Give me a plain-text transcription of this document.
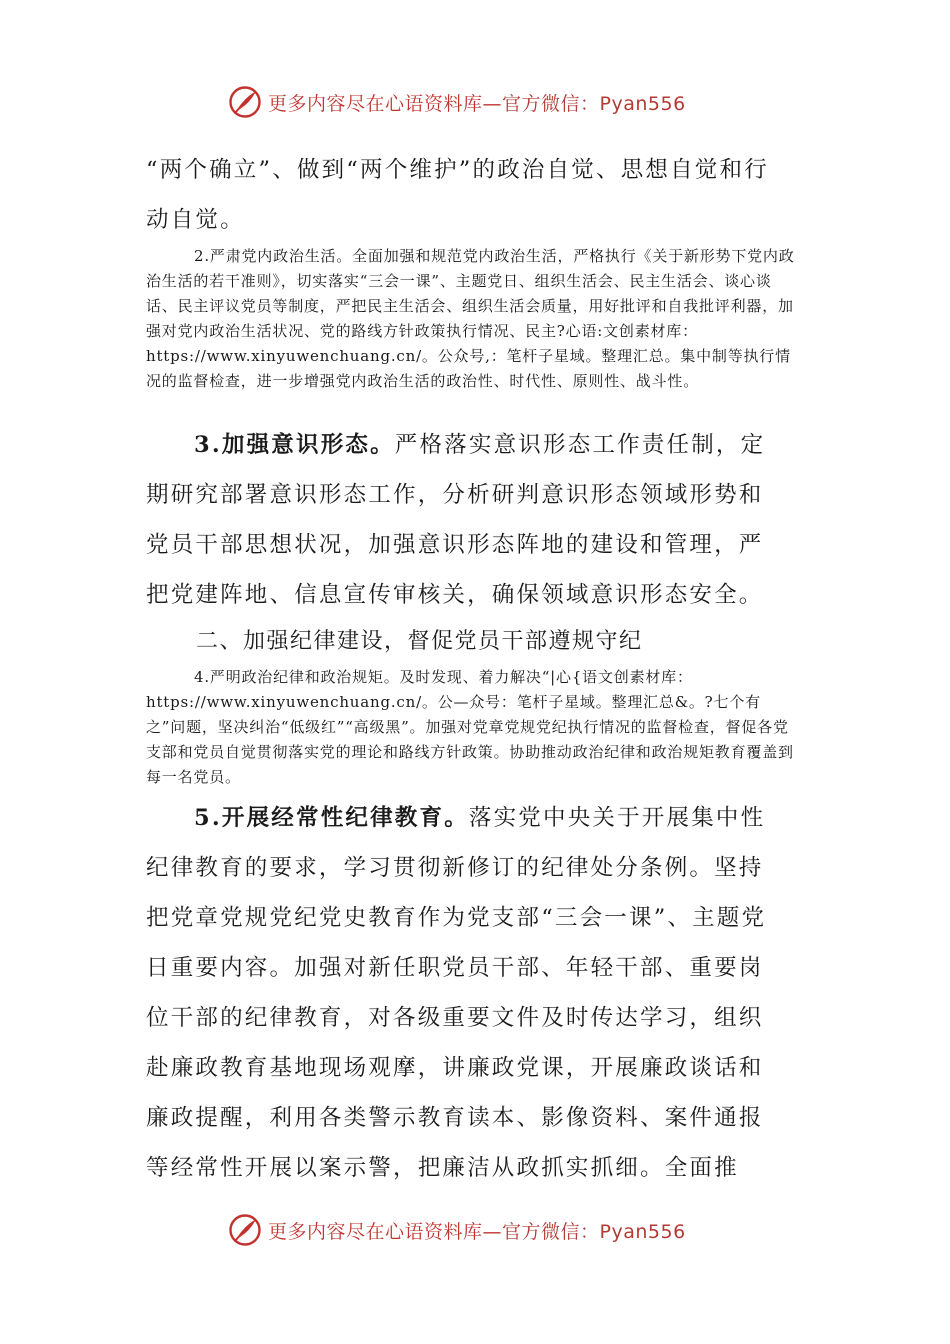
更多内容尽在心语资料库—官方微信：Pyan556

“两个确立”、做到“两个维护”的政治自觉、思想自觉和行动自觉。

2.严肃党内政治生活。全面加强和规范党内政治生活，严格执行《关于新形势下党内政治生活的若干准则》，切实落实“三会一课”、主题党日、组织生活会、民主生活会、谈心谈话、民主评议党员等制度，严把民主生活会、组织生活会质量，用好批评和自我批评利器，加强对党内政治生活状况、党的路线方针政策执行情况、民主?心语:文创素材库：https://www.xinyuwenchuang.cn/。公众号,：笔杆子星域。整理汇总。集中制等执行情况的监督检查，进一步增强党内政治生活的政治性、时代性、原则性、战斗性。

3.加强意识形态。严格落实意识形态工作责任制，定期研究部署意识形态工作，分析研判意识形态领域形势和党员干部思想状况，加强意识形态阵地的建设和管理，严把党建阵地、信息宣传审核关，确保领域意识形态安全。

二、加强纪律建设，督促党员干部遵规守纪

4.严明政治纪律和政治规矩。及时发现、着力解决“|心{语文创素材库：https://www.xinyuwenchuang.cn/。公—众号：笔杆子星域。整理汇总&。?七个有之”问题，坚决纠治“低级红”“高级黑”。加强对党章党规党纪执行情况的监督检查，督促各党支部和党员自觉贯彻落实党的理论和路线方针政策。协助推动政治纪律和政治规矩教育覆盖到每一名党员。

5.开展经常性纪律教育。落实党中央关于开展集中性纪律教育的要求，学习贯彻新修订的纪律处分条例。坚持把党章党规党纪党史教育作为党支部“三会一课”、主题党日重要内容。加强对新任职党员干部、年轻干部、重要岗位干部的纪律教育，对各级重要文件及时传达学习，组织赴廉政教育基地现场观摩，讲廉政党课，开展廉政谈话和廉政提醒，利用各类警示教育读本、影像资料、案件通报等经常性开展以案示警，把廉洁从政抓实抓细。全面推

更多内容尽在心语资料库—官方微信：Pyan556
